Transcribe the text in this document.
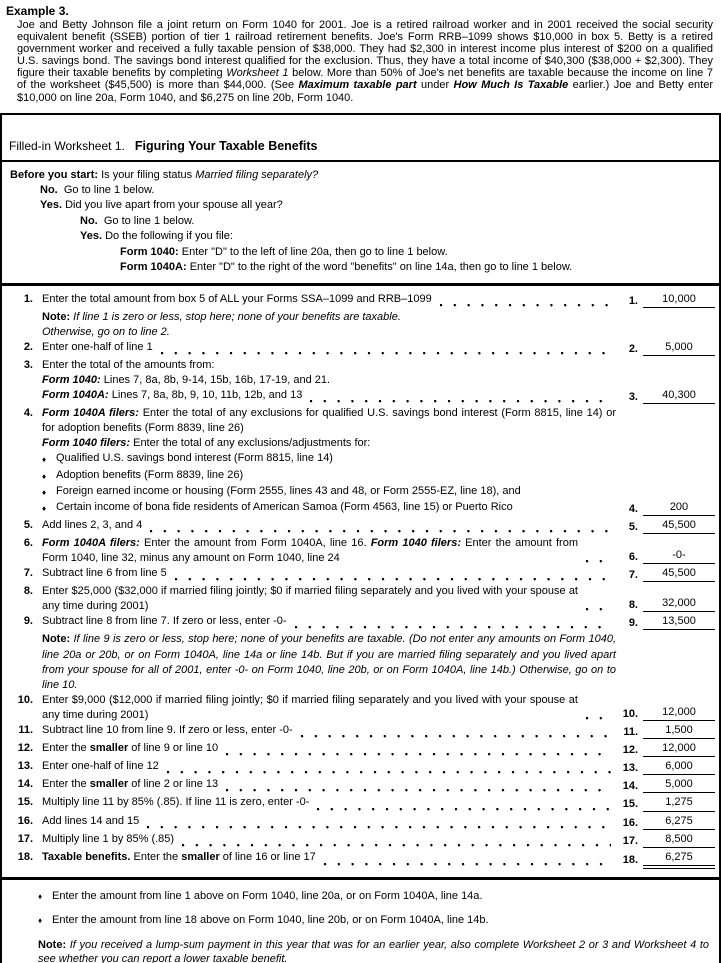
Example 3.

Joe and Betty Johnson file a joint return on Form 1040 for 2001. Joe is a retired railroad worker and in 2001 received the social security equivalent benefit (SSEB) portion of tier 1 railroad retirement benefits. Joe's Form RRB–1099 shows $10,000 in box 5. Betty is a retired government worker and received a fully taxable pension of $38,000. They had $2,300 in interest income plus interest of $200 on a qualified U.S. savings bond. The savings bond interest qualified for the exclusion. Thus, they have a total income of $40,300 ($38,000 + $2,300). They figure their taxable benefits by completing Worksheet 1 below. More than 50% of Joe's net benefits are taxable because the income on line 7 of the worksheet ($45,500) is more than $44,000. (See Maximum taxable part under How Much Is Taxable earlier.) Joe and Betty enter $10,000 on line 20a, Form 1040, and $6,275 on line 20b, Form 1040.

Filled-in Worksheet 1. Figuring Your Taxable Benefits
Before you start: Is your filing status Married filing separately?
No.  Go to line 1 below.
Yes. Did you live apart from your spouse all year?
No.  Go to line 1 below.
Yes. Do the following if you file:
Form 1040: Enter "D" to the left of line 20a, then go to line 1 below.
Form 1040A: Enter "D" to the right of the word "benefits" on line 14a, then go to line 1 below.
1. Enter the total amount from box 5 of ALL your Forms SSA–1099 and RRB–1099	1.	10,000
Note: If line 1 is zero or less, stop here; none of your benefits are taxable.
Otherwise, go on to line 2.
2. Enter one-half of line 1	2.	5,000
3. Enter the total of the amounts from:
Form 1040: Lines 7, 8a, 8b, 9-14, 15b, 16b, 17-19, and 21.
Form 1040A: Lines 7, 8a, 8b, 9, 10, 11b, 12b, and 13	3.	40,300
4. Form 1040A filers: Enter the total of any exclusions for qualified U.S. savings bond interest (Form 8815, line 14) or for adoption benefits (Form 8839, line 26)
Form 1040 filers: Enter the total of any exclusions/adjustments for:
♦ Qualified U.S. savings bond interest (Form 8815, line 14)
♦ Adoption benefits (Form 8839, line 26)
♦ Foreign earned income or housing (Form 2555, lines 43 and 48, or Form 2555-EZ, line 18), and
♦ Certain income of bona fide residents of American Samoa (Form 4563, line 15) or Puerto Rico	4.	200
5. Add lines 2, 3, and 4	5.	45,500
6. Form 1040A filers: Enter the amount from Form 1040A, line 16. Form 1040 filers: Enter the amount from Form 1040, line 32, minus any amount on Form 1040, line 24	6.	-0-
7. Subtract line 6 from line 5	7.	45,500
8. Enter $25,000 ($32,000 if married filing jointly; $0 if married filing separately and you lived with your spouse at any time during 2001)	8.	32,000
9. Subtract line 8 from line 7. If zero or less, enter -0-	9.	13,500
Note: If line 9 is zero or less, stop here; none of your benefits are taxable. (Do not enter any amounts on Form 1040, line 20a or 20b, or on Form 1040A, line 14a or line 14b. But if you are married filing separately and you lived apart from your spouse for all of 2001, enter -0- on Form 1040, line 20b, or on Form 1040A, line 14b.) Otherwise, go on to line 10.
10. Enter $9,000 ($12,000 if married filing jointly; $0 if married filing separately and you lived with your spouse at any time during 2001)	10.	12,000
11. Subtract line 10 from line 9. If zero or less, enter -0-	11.	1,500
12. Enter the smaller of line 9 or line 10	12.	12,000
13. Enter one-half of line 12	13.	6,000
14. Enter the smaller of line 2 or line 13	14.	5,000
15. Multiply line 11 by 85% (.85). If line 11 is zero, enter -0-	15.	1,275
16. Add lines 14 and 15	16.	6,275
17. Multiply line 1 by 85% (.85)	17.	8,500
18. Taxable benefits. Enter the smaller of line 16 or line 17	18.	6,275
♦ Enter the amount from line 1 above on Form 1040, line 20a, or on Form 1040A, line 14a.
♦ Enter the amount from line 18 above on Form 1040, line 20b, or on Form 1040A, line 14b.
Note: If you received a lump-sum payment in this year that was for an earlier year, also complete Worksheet 2 or 3 and Worksheet 4 to see whether you can report a lower taxable benefit.
